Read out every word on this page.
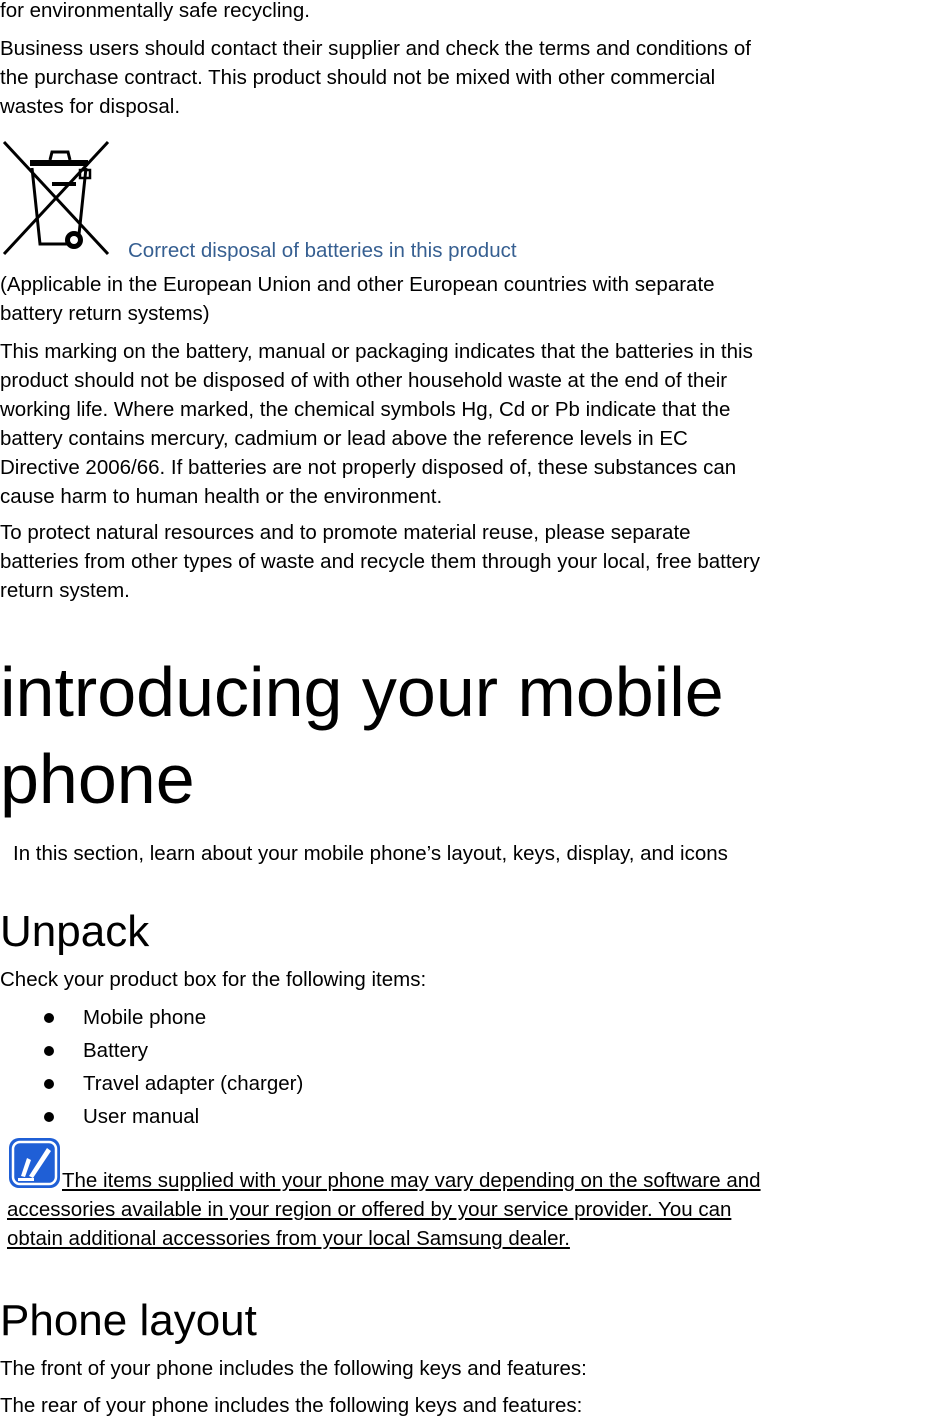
for environmentally safe recycling.

Business users should contact their supplier and check the terms and conditions of

the purchase contract. This product should not be mixed with other commercial

wastes for disposal.

Correct disposal of batteries in this product

(Applicable in the European Union and other European countries with separate

battery return systems)

This marking on the battery, manual or packaging indicates that the batteries in this

product should not be disposed of with other household waste at the end of their

working life. Where marked, the chemical symbols Hg, Cd or Pb indicate that the

battery contains mercury, cadmium or lead above the reference levels in EC

Directive 2006/66. If batteries are not properly disposed of, these substances can

cause harm to human health or the environment.

To protect natural resources and to promote material reuse, please separate

batteries from other types of waste and recycle them through your local, free battery

return system.

introducing your mobile
phone

In this section, learn about your mobile phone’s layout, keys, display, and icons

Unpack

Check your product box for the following items:

Mobile phone
Battery
Travel adapter (charger)
User manual

The items supplied with your phone may vary depending on the software and

accessories available in your region or offered by your service provider. You can

obtain additional accessories from your local Samsung dealer.

Phone layout

The front of your phone includes the following keys and features:

The rear of your phone includes the following keys and features:
